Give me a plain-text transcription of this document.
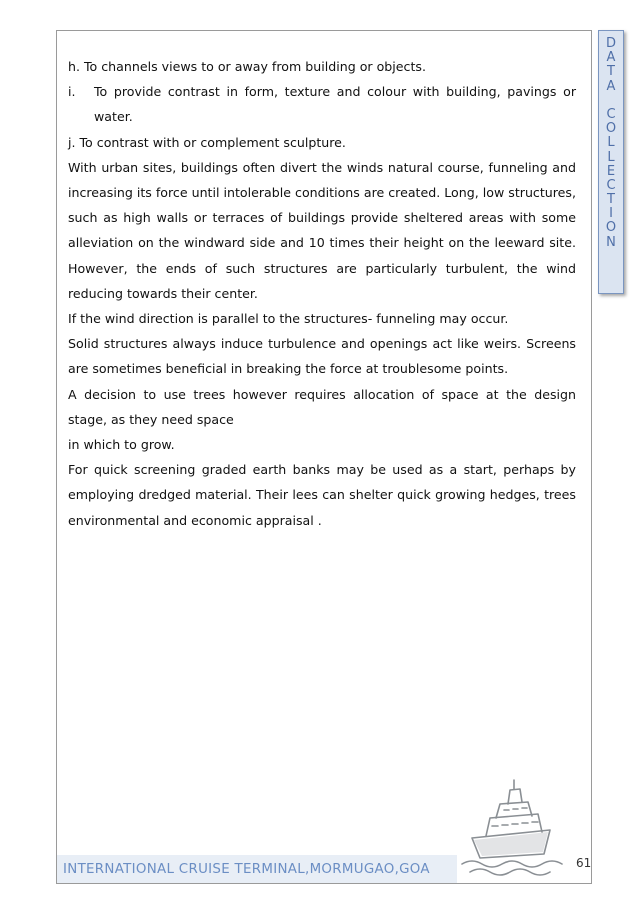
h. To channels views to or away from building or objects.

i.	To provide contrast in form, texture and colour with building, pavings or water.

j. To contrast with or complement sculpture.

With urban sites, buildings often divert the winds natural course, funneling and increasing its force until intolerable conditions are created. Long, low structures, such as high walls or terraces of buildings provide sheltered areas with some alleviation on the windward side and 10 times their height on the leeward site. However, the ends of such structures are particularly turbulent, the wind reducing towards their center.

If the wind direction is parallel to the structures- funneling may occur.

Solid structures always induce turbulence and openings act like weirs. Screens are sometimes beneficial in breaking the force at troublesome points.

A decision to use trees however requires allocation of space at the design stage, as they need space

in which to grow.

For quick screening graded earth banks may be used as a start, perhaps by employing dredged material. Their lees can shelter quick growing hedges, trees environmental and economic appraisal .

D
A
T
A
C
O
L
L
E
C
T
I
O
N
INTERNATIONAL CRUISE TERMINAL,MORMUGAO,GOA	61
